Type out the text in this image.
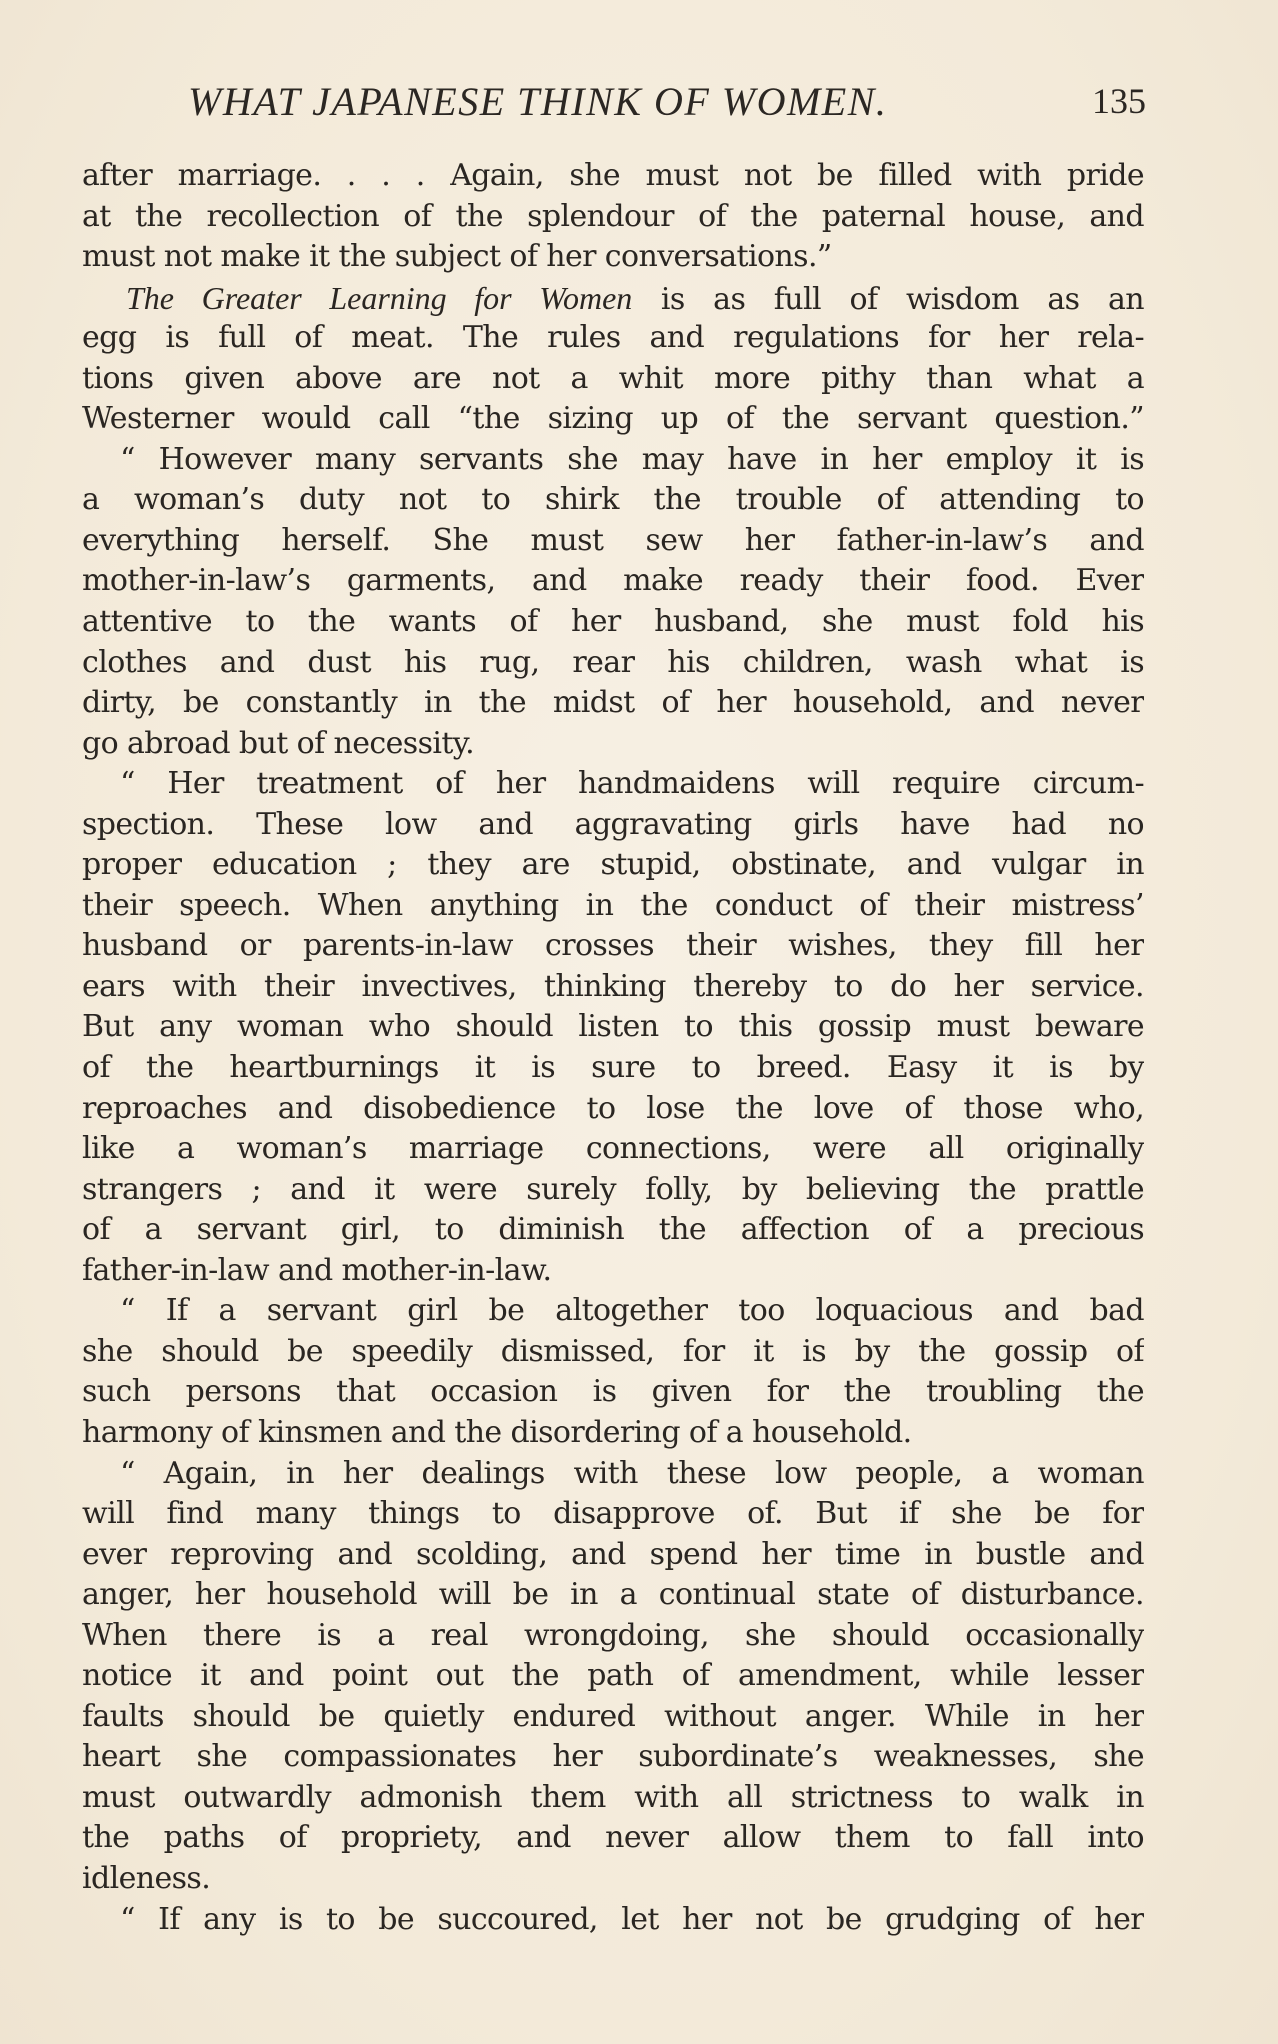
WHAT JAPANESE THINK OF WOMEN.	135
after marriage. . . . Again, she must not be filled with pride
at the recollection of the splendour of the paternal house, and
must not make it the subject of her conversations.”
The Greater Learning for Women is as full of wisdom as an
egg is full of meat. The rules and regulations for her rela-
tions given above are not a whit more pithy than what a
Westerner would call “the sizing up of the servant question.”
“ However many servants she may have in her employ it is
a woman’s duty not to shirk the trouble of attending to
everything herself. She must sew her father-in-law’s and
mother-in-law’s garments, and make ready their food. Ever
attentive to the wants of her husband, she must fold his
clothes and dust his rug, rear his children, wash what is
dirty, be constantly in the midst of her household, and never
go abroad but of necessity.
“ Her treatment of her handmaidens will require circum-
spection. These low and aggravating girls have had no
proper education ; they are stupid, obstinate, and vulgar in
their speech. When anything in the conduct of their mistress’
husband or parents-in-law crosses their wishes, they fill her
ears with their invectives, thinking thereby to do her service.
But any woman who should listen to this gossip must beware
of the heartburnings it is sure to breed. Easy it is by
reproaches and disobedience to lose the love of those who,
like a woman’s marriage connections, were all originally
strangers ; and it were surely folly, by believing the prattle
of a servant girl, to diminish the affection of a precious
father-in-law and mother-in-law.
“ If a servant girl be altogether too loquacious and bad
she should be speedily dismissed, for it is by the gossip of
such persons that occasion is given for the troubling the
harmony of kinsmen and the disordering of a household.
“ Again, in her dealings with these low people, a woman
will find many things to disapprove of. But if she be for
ever reproving and scolding, and spend her time in bustle and
anger, her household will be in a continual state of disturbance.
When there is a real wrongdoing, she should occasionally
notice it and point out the path of amendment, while lesser
faults should be quietly endured without anger. While in her
heart she compassionates her subordinate’s weaknesses, she
must outwardly admonish them with all strictness to walk in
the paths of propriety, and never allow them to fall into
idleness.
“ If any is to be succoured, let her not be grudging of her
